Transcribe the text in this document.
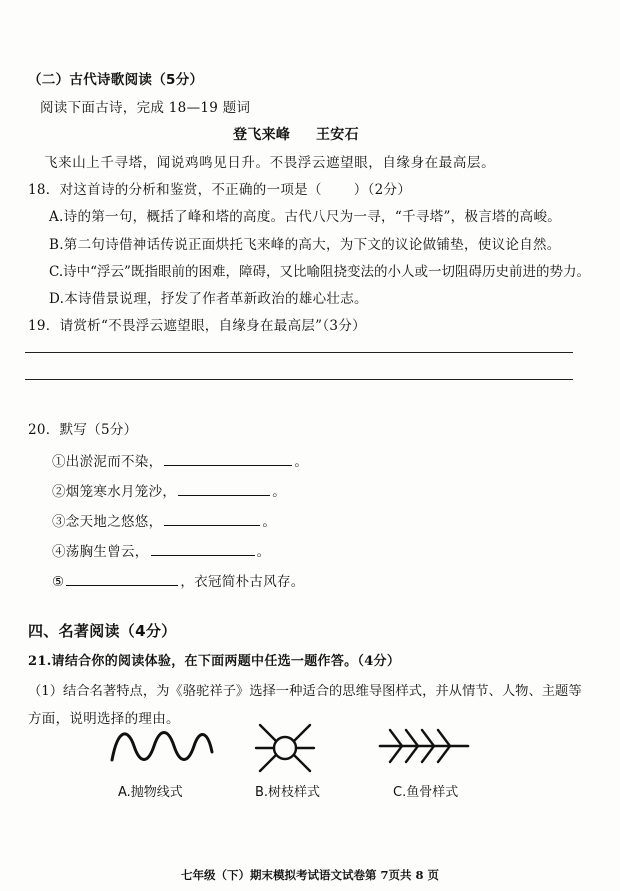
（二）古代诗歌阅读（5分）
阅读下面古诗，完成 18—19 题词
登飞来峰 王安石
飞来山上千寻塔，闻说鸡鸣见日升。不畏浮云遮望眼，自缘身在最高层。
18．对这首诗的分析和鉴赏，不正确的一项是（ ）（2分）
A.诗的第一句，概括了峰和塔的高度。古代八尺为一寻，“千寻塔”，极言塔的高峻。
B.第二句诗借神话传说正面烘托飞来峰的高大，为下文的议论做铺垫，使议论自然。
C.诗中“浮云”既指眼前的困难，障碍，又比喻阻挠变法的小人或一切阻碍历史前进的势力。
D.本诗借景说理，抒发了作者革新政治的雄心壮志。
19．请赏析“不畏浮云遮望眼，自缘身在最高层”（3分）
20．默写（5分）
①出淤泥而不染，	。
②烟笼寒水月笼沙，	。
③念天地之悠悠，	。
④荡胸生曾云，	。
⑤	，衣冠简朴古风存。
四、名著阅读（4分）
21.请结合你的阅读体验，在下面两题中任选一题作答。（4分）
（1）结合名著特点，为《骆驼祥子》选择一种适合的思维导图样式，并从情节、人物、主题等
方面，说明选择的理由。
A.抛物线式	B.树枝样式	C.鱼骨样式
七年级（下）期末模拟考试语文试卷第 7页共 8 页
